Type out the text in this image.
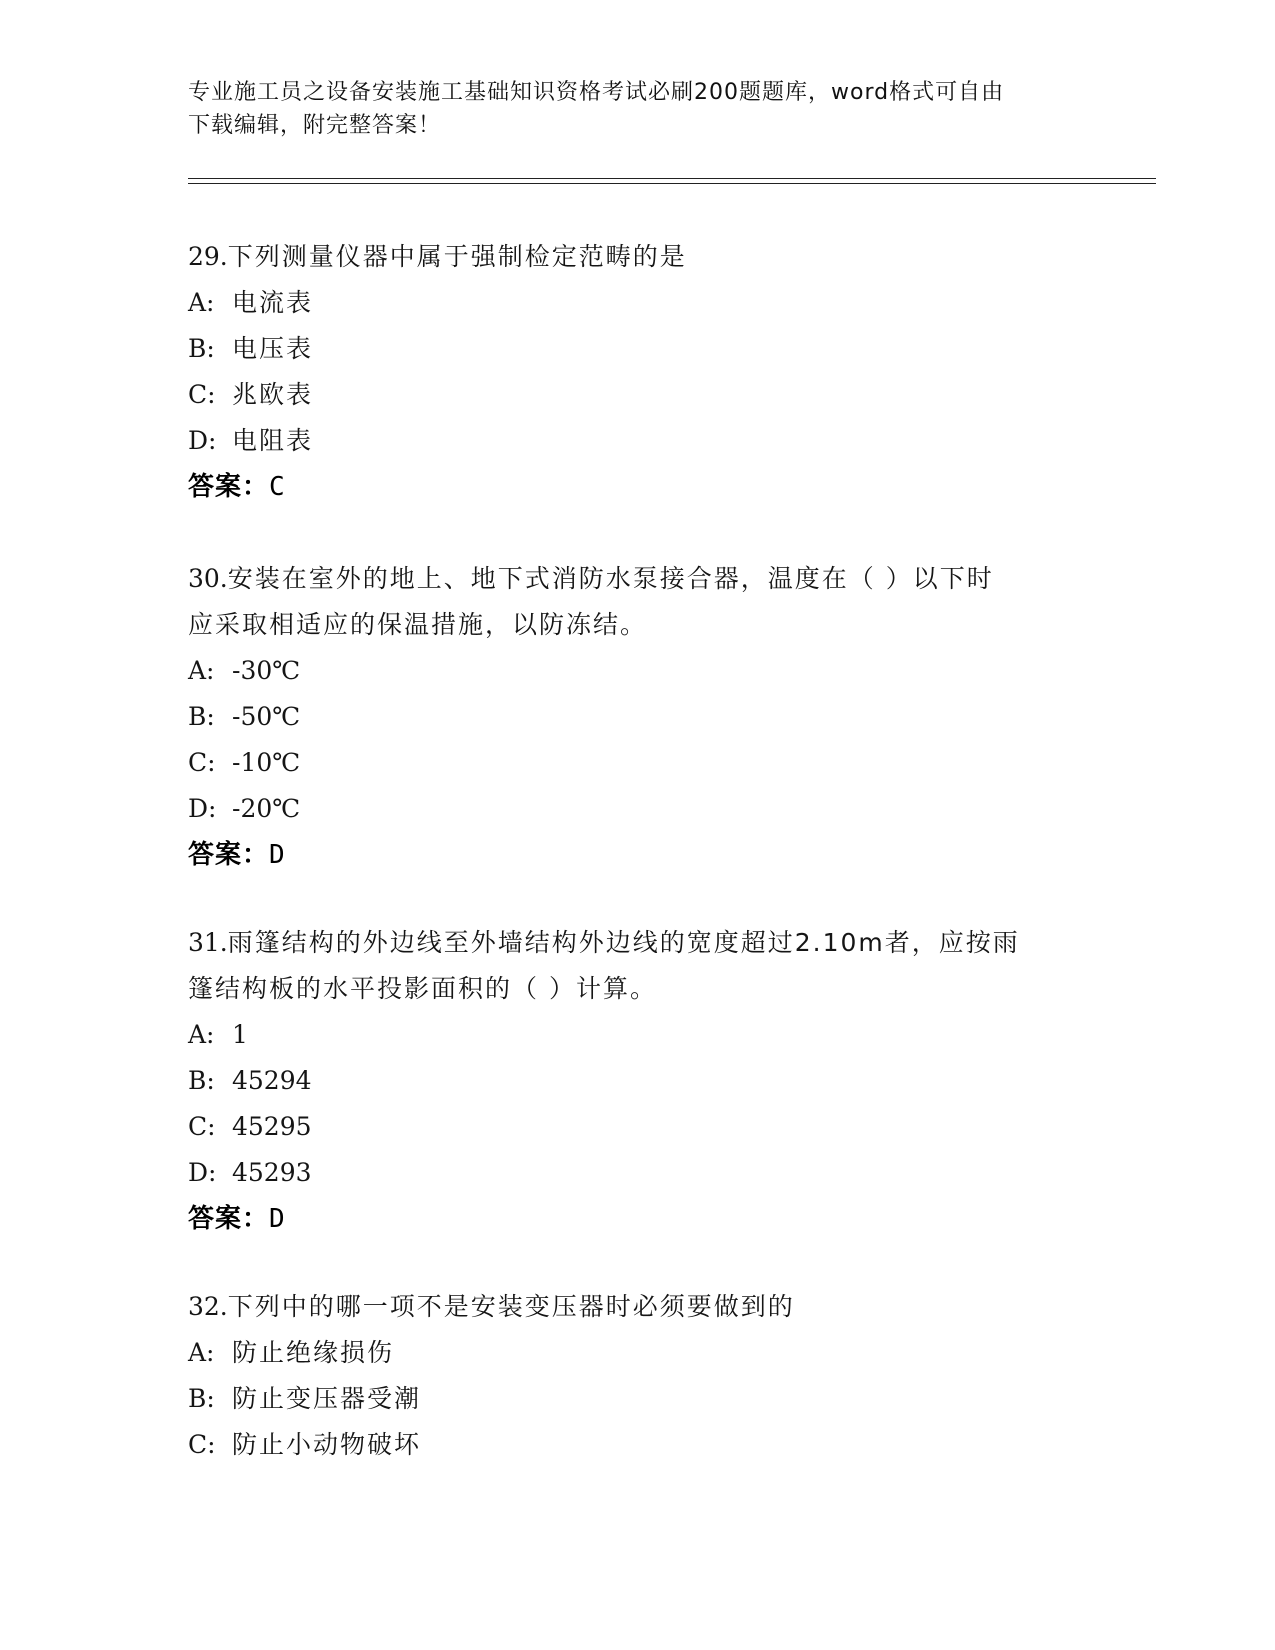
专业施工员之设备安装施工基础知识资格考试必刷200题题库，word格式可自由
下载编辑，附完整答案！

29.下列测量仪器中属于强制检定范畴的是

A: 电流表
B: 电压表
C: 兆欧表
D: 电阻表
答案：C

30.安装在室外的地上、地下式消防水泵接合器，温度在（ ）以下时
应采取相适应的保温措施，以防冻结。

A: -30℃
B: -50℃
C: -10℃
D: -20℃
答案：D

31.雨篷结构的外边线至外墙结构外边线的宽度超过2.10m者，应按雨
篷结构板的水平投影面积的（ ）计算。

A: 1
B: 45294
C: 45295
D: 45293
答案：D

32.下列中的哪一项不是安装变压器时必须要做到的

A: 防止绝缘损伤
B: 防止变压器受潮
C: 防止小动物破坏
